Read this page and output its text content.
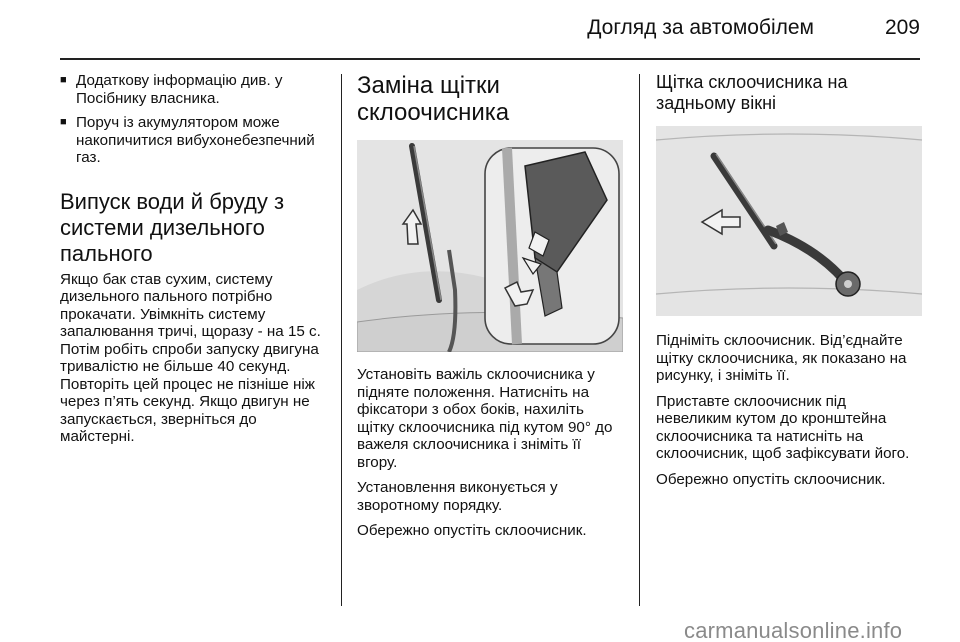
Догляд за автомобілем	209
■ Додаткову інформацію див. у Посібнику власника.
■ Поруч із акумулятором може накопичитися вибухонебезпечний газ.
Випуск води й бруду з системи дизельного пального
Якщо бак став сухим, систему дизельного пального потрібно прокачати. Увімкніть систему запалювання тричі, щоразу - на 15 с. Потім робіть спроби запуску двигуна тривалістю не більше 40 секунд. Повторіть цей процес не пізніше ніж через п’ять секунд. Якщо двигун не запускається, зверніться до майстерні.
Заміна щітки склоочисника
Установіть важіль склоочисника у підняте положення. Натисніть на фіксатори з обох боків, нахиліть щітку склоочисника під кутом 90° до важеля склоочисника і зніміть її вгору.
Установлення виконується у зворотному порядку.
Обережно опустіть склоочисник.
Щітка склоочисника на задньому вікні
Підніміть склоочисник. Від’єднайте щітку склоочисника, як показано на рисунку, і зніміть її.
Приставте склоочисник під невеликим кутом до кронштейна склоочисника та натисніть на склоочисник, щоб зафіксувати його.
Обережно опустіть склоочисник.
carmanualsonline.info
